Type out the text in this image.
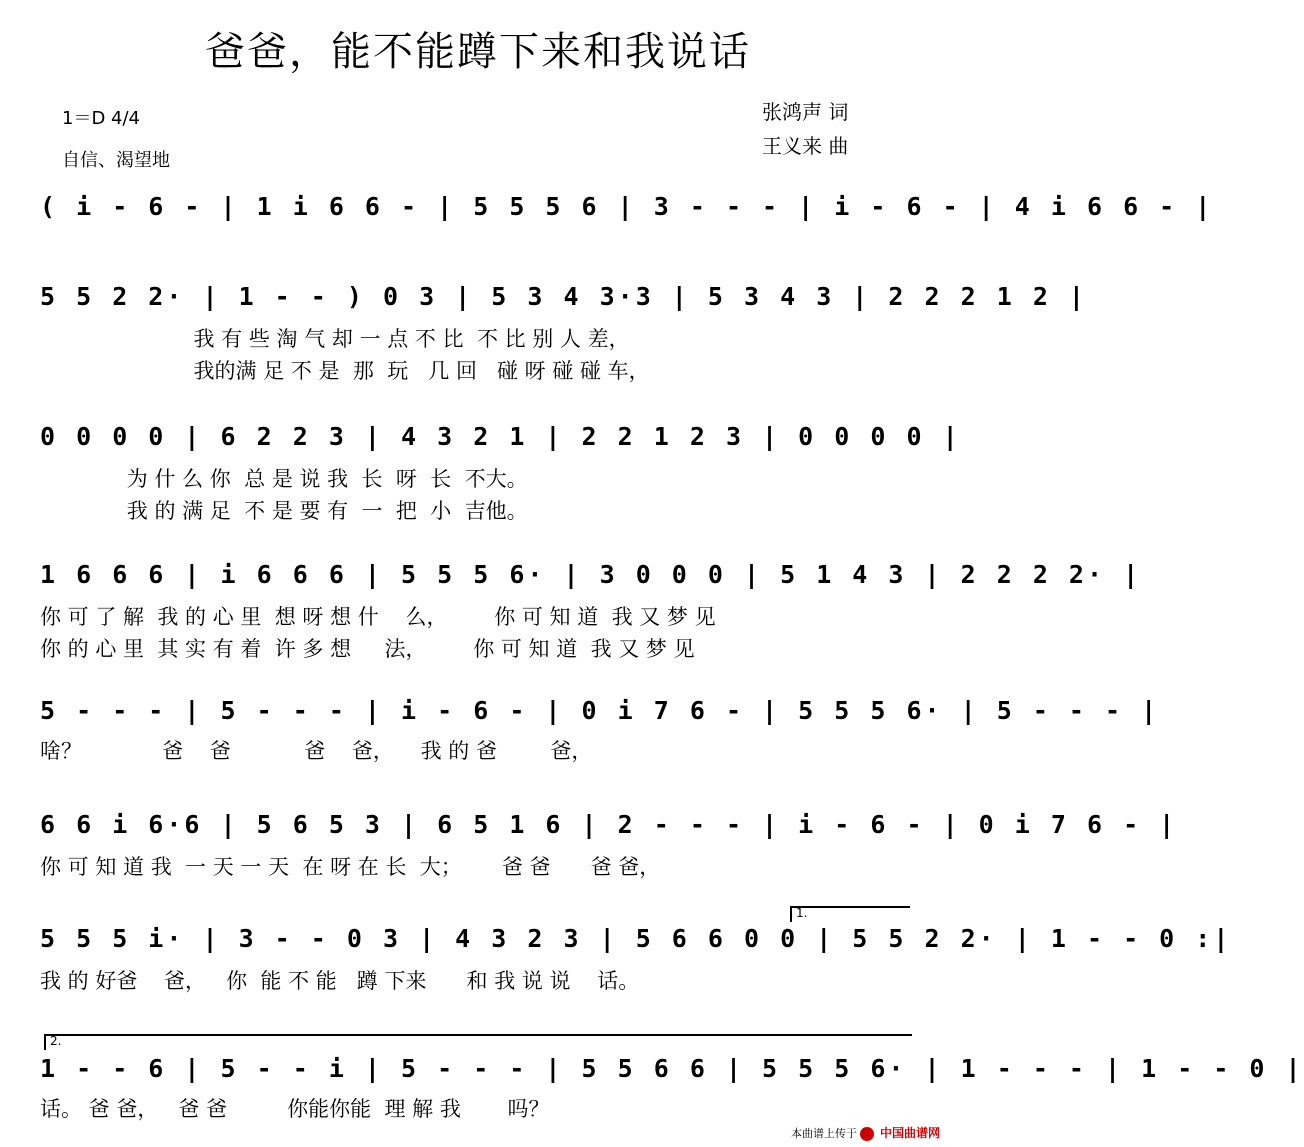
爸爸，能不能蹲下来和我说话
1＝D 4/4
自信、渴望地
张鸿声 词
王义来 曲
( i - 6 - | 1 i 6 6 - | 5 5 5 6 | 3 - - - | i - 6 - | 4 i 6 6 - |
5 5 2 2· | 1 - - ) 0 3 | 5 3 4 3·3 | 5 3 4 3 | 2 2 2 1 2 |
我 有 些 淘 气 却 一 点 不 比  不 比 别 人 差，
我的满 足 不 是  那  玩   几 回   碰 呀 碰 碰 车，
0 0 0 0 | 6 2 2 3 | 4 3 2 1 | 2 2 1 2 3 | 0 0 0 0 |
为 什 么 你  总 是 说 我  长  呀  长  不大。
我 的 满 足  不 是 要 有  一  把  小  吉他。
1 6 6 6 | i 6 6 6 | 5 5 5 6· | 3 0 0 0 | 5 1 4 3 | 2 2 2 2· |
你 可 了 解  我 的 心 里  想 呀 想 什    么，       你 可 知 道  我 又 梦 见
你 的 心 里  其 实 有 着  许 多 想     法，       你 可 知 道  我 又 梦 见
5 - - - | 5 - - - | i - 6 - | 0 i 7 6 - | 5 5 5 6· | 5 - - - |
啥？            爸    爸           爸    爸，    我 的 爸        爸，
6 6 i 6·6 | 5 6 5 3 | 6 5 1 6 | 2 - - - | i - 6 - | 0 i 7 6 - |
你 可 知 道 我  一 天 一 天  在 呀 在 长  大；      爸 爸      爸 爸，
1.
5 5 5 i· | 3 - - 0 3 | 4 3 2 3 | 5 6 6 0 0 | 5 5 2 2· | 1 - - 0 :|
我 的 好爸    爸，   你  能 不 能   蹲 下来      和 我 说 说    话。
2.
1 - - 6 | 5 - - i | 5 - - - | 5 5 6 6 | 5 5 5 6· | 1 - - - | 1 - - 0 |
话。 爸 爸，   爸 爸         你能你能  理 解 我       吗？
本曲谱上传于 中国曲谱网
